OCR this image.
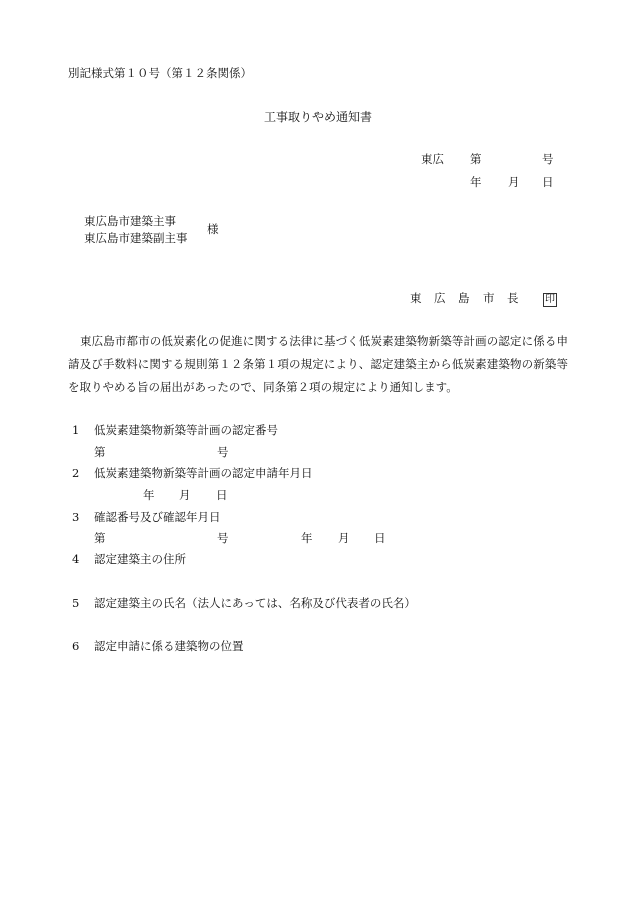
別記様式第１０号（第１２条関係）
工事取りやめ通知書
東広 第	号
年 月 日
東広島市建築主事
東広島市建築副主事
様
東 広 島 市 長	印
東広島市都市の低炭素化の促進に関する法律に基づく低炭素建築物新築等計画の認定に係る申請及び手数料に関する規則第１２条第１項の規定により、認定建築主から低炭素建築物の新築等を取りやめる旨の届出があったので、同条第２項の規定により通知します。
1 低炭素建築物新築等計画の認定番号
第	号
2 低炭素建築物新築等計画の認定申請年月日
年 月 日
3 確認番号及び確認年月日
第	号	年 月 日
4 認定建築主の住所
5 認定建築主の氏名（法人にあっては、名称及び代表者の氏名）
6 認定申請に係る建築物の位置
